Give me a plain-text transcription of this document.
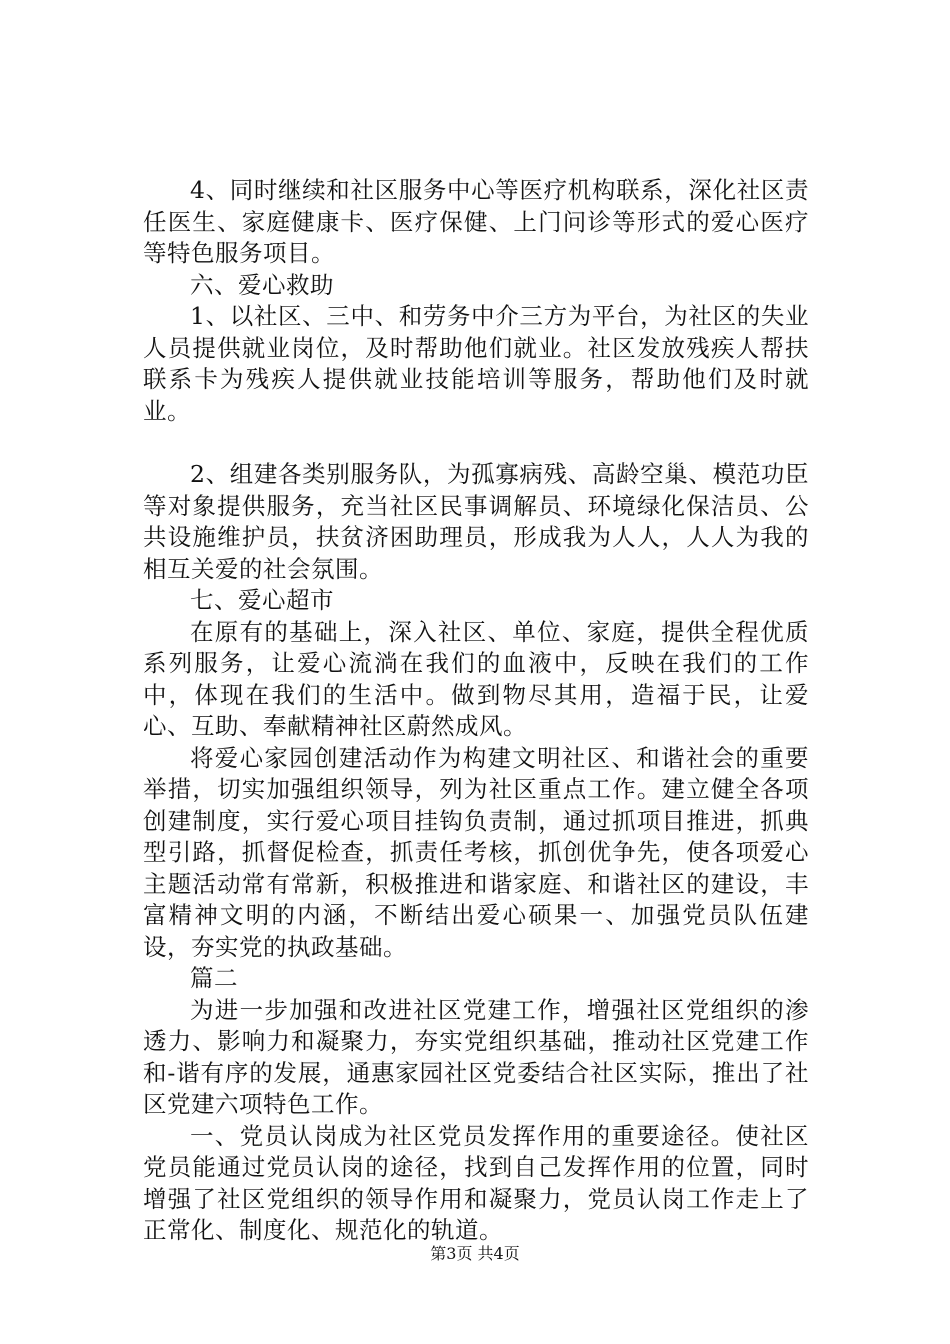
4、同时继续和社区服务中心等医疗机构联系，深化社区责任医生、家庭健康卡、医疗保健、上门问诊等形式的爱心医疗等特色服务项目。

六、爱心救助

1、以社区、三中、和劳务中介三方为平台，为社区的失业人员提供就业岗位，及时帮助他们就业。社区发放残疾人帮扶联系卡为残疾人提供就业技能培训等服务，帮助他们及时就业。

2、组建各类别服务队，为孤寡病残、高龄空巢、模范功臣等对象提供服务，充当社区民事调解员、环境绿化保洁员、公共设施维护员，扶贫济困助理员，形成我为人人，人人为我的相互关爱的社会氛围。

七、爱心超市

在原有的基础上，深入社区、单位、家庭，提供全程优质系列服务，让爱心流淌在我们的血液中，反映在我们的工作中，体现在我们的生活中。做到物尽其用，造福于民，让爱心、互助、奉献精神社区蔚然成风。

将爱心家园创建活动作为构建文明社区、和谐社会的重要举措，切实加强组织领导，列为社区重点工作。建立健全各项创建制度，实行爱心项目挂钩负责制，通过抓项目推进，抓典型引路，抓督促检查，抓责任考核，抓创优争先，使各项爱心主题活动常有常新，积极推进和谐家庭、和谐社区的建设，丰富精神文明的内涵，不断结出爱心硕果一、加强党员队伍建设，夯实党的执政基础。

篇二

为进一步加强和改进社区党建工作，增强社区党组织的渗透力、影响力和凝聚力，夯实党组织基础，推动社区党建工作和-谐有序的发展，通惠家园社区党委结合社区实际，推出了社区党建六项特色工作。

一、党员认岗成为社区党员发挥作用的重要途径。使社区党员能通过党员认岗的途径，找到自己发挥作用的位置，同时增强了社区党组织的领导作用和凝聚力，党员认岗工作走上了正常化、制度化、规范化的轨道。

第3页 共4页
